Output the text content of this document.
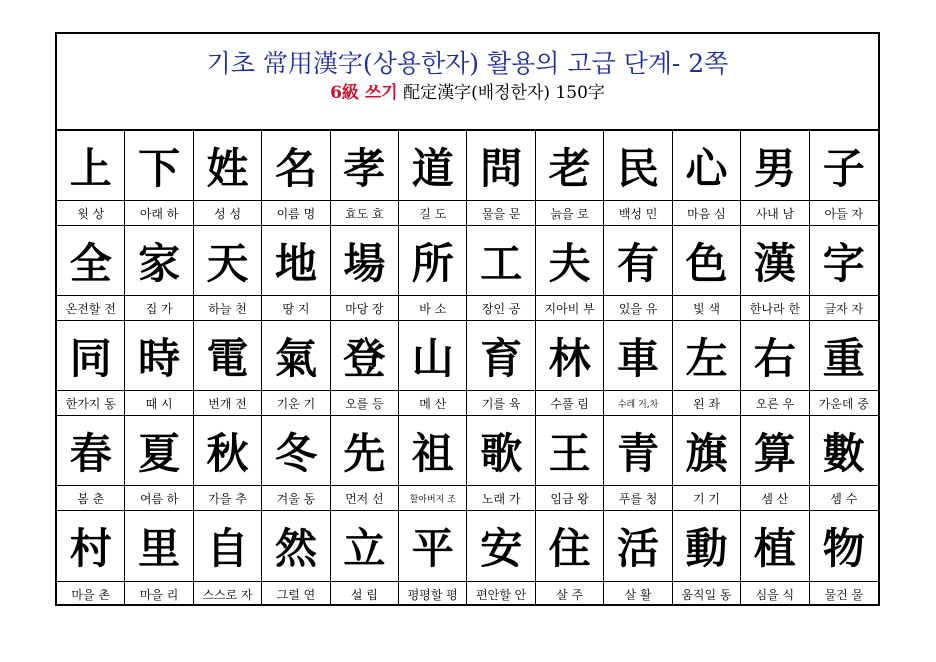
기초 常用漢字(상용한자) 활용의 고급 단계- 2쪽
6級 쓰기 配定漢字(배정한자) 150字
上
윗 상
下
아래 하
姓
성 성
名
이름 명
孝
효도 효
道
길 도
問
물을 문
老
늙을 로
民
백성 민
心
마음 심
男
사내 남
子
아들 자
全
온전할 전
家
집 가
天
하늘 천
地
땅 지
場
마당 장
所
바 소
工
장인 공
夫
지아비 부
有
있을 유
色
빛 색
漢
한나라 한
字
글자 자
同
한가지 동
時
때 시
電
번개 전
氣
기운 기
登
오를 등
山
메 산
育
기를 육
林
수풀 림
車
수레 거,차
左
왼 좌
右
오른 우
重
가운데 중
春
봄 춘
夏
여름 하
秋
가을 추
冬
겨울 동
先
먼저 선
祖
할아버지 조
歌
노래 가
王
임금 왕
青
푸를 청
旗
기 기
算
셈 산
數
셈 수
村
마을 촌
里
마을 리
自
스스로 자
然
그럴 연
立
설 립
平
평평할 평
安
편안할 안
住
살 주
活
살 활
動
움직일 동
植
심을 식
物
물건 물
